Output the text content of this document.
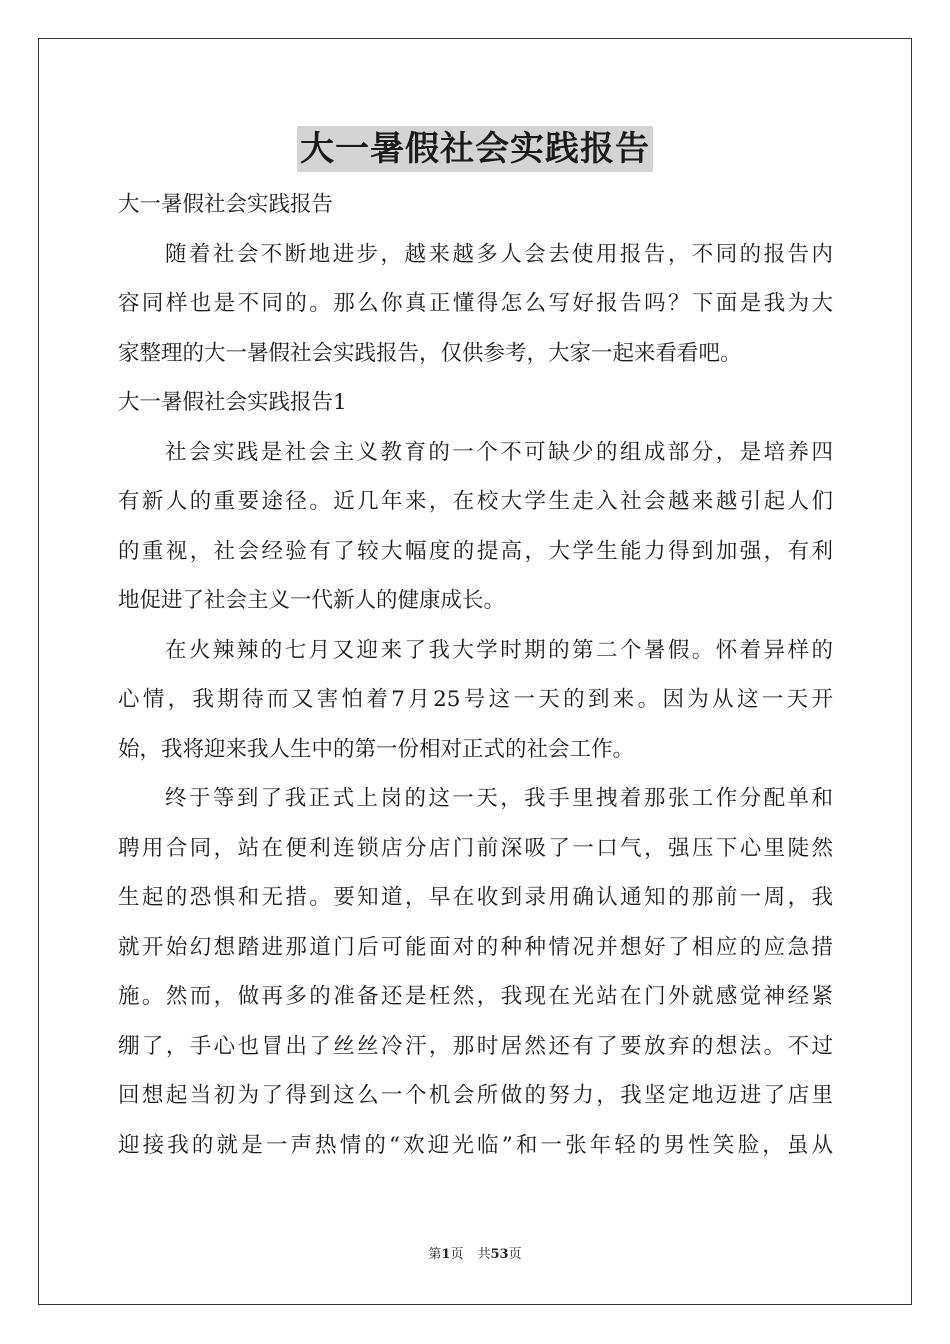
大一暑假社会实践报告
大一暑假社会实践报告
随着社会不断地进步，越来越多人会去使用报告，不同的报告内
容同样也是不同的。那么你真正懂得怎么写好报告吗？下面是我为大
家整理的大一暑假社会实践报告，仅供参考，大家一起来看看吧。
大一暑假社会实践报告1
社会实践是社会主义教育的一个不可缺少的组成部分，是培养四
有新人的重要途径。近几年来，在校大学生走入社会越来越引起人们
的重视，社会经验有了较大幅度的提高，大学生能力得到加强，有利
地促进了社会主义一代新人的健康成长。
在火辣辣的七月又迎来了我大学时期的第二个暑假。怀着异样的
心情，我期待而又害怕着7月25号这一天的到来。因为从这一天开
始，我将迎来我人生中的第一份相对正式的社会工作。
终于等到了我正式上岗的这一天，我手里拽着那张工作分配单和
聘用合同，站在便利连锁店分店门前深吸了一口气，强压下心里陡然
生起的恐惧和无措。要知道，早在收到录用确认通知的那前一周，我
就开始幻想踏进那道门后可能面对的种种情况并想好了相应的应急措
施。然而，做再多的准备还是枉然，我现在光站在门外就感觉神经紧
绷了，手心也冒出了丝丝冷汗，那时居然还有了要放弃的想法。不过
回想起当初为了得到这么一个机会所做的努力，我坚定地迈进了店里
迎接我的就是一声热情的“欢迎光临”和一张年轻的男性笑脸，虽从
第1页 共53页
